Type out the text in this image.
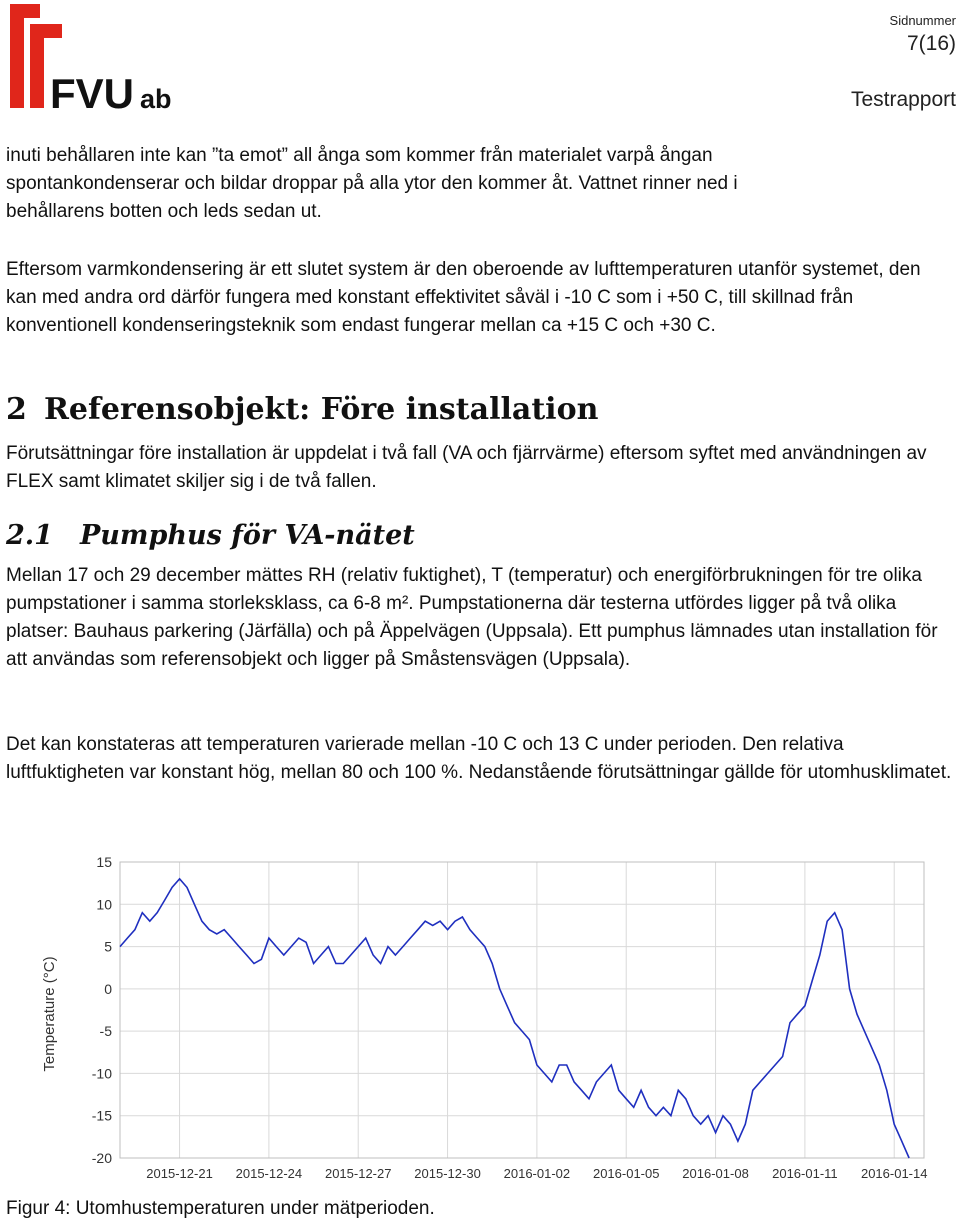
FVU ab
Sidnummer
7(16)
Testrapport

inuti behållaren inte kan ”ta emot” all ånga som kommer från materialet varpå ångan spontankondenserar och bildar droppar på alla ytor den kommer åt. Vattnet rinner ned i behållarens botten och leds sedan ut.

Eftersom varmkondensering är ett slutet system är den oberoende av lufttemperaturen utanför systemet, den kan med andra ord därför fungera med konstant effektivitet såväl i -10 C som i +50 C, till skillnad från konventionell kondenseringsteknik som endast fungerar mellan ca +15 C och +30 C.

2 Referensobjekt: Före installation

Förutsättningar före installation är uppdelat i två fall (VA och fjärrvärme) eftersom syftet med användningen av FLEX samt klimatet skiljer sig i de två fallen.

2.1 Pumphus för VA-nätet

Mellan 17 och 29 december mättes RH (relativ fuktighet), T (temperatur) och energiförbrukningen för tre olika pumpstationer i samma storleksklass, ca 6-8 m². Pumpstationerna där testerna utfördes ligger på två olika platser: Bauhaus parkering (Järfälla) och på Äppelvägen (Uppsala). Ett pumphus lämnades utan installation för att användas som referensobjekt och ligger på Småstensvägen (Uppsala).

Det kan konstateras att temperaturen varierade mellan -10 C och 13 C under perioden. Den relativa luftfuktigheten var konstant hög, mellan 80 och 100 %. Nedanstående förutsättningar gällde för utomhusklimatet.

15
10
5
0
-5
-10
-15
-20
2015-12-21 2015-12-24 2015-12-27 2015-12-30 2016-01-02 2016-01-05 2016-01-08 2016-01-11 2016-01-14
Temperature (°C)

Figur 4: Utomhustemperaturen under mätperioden.
